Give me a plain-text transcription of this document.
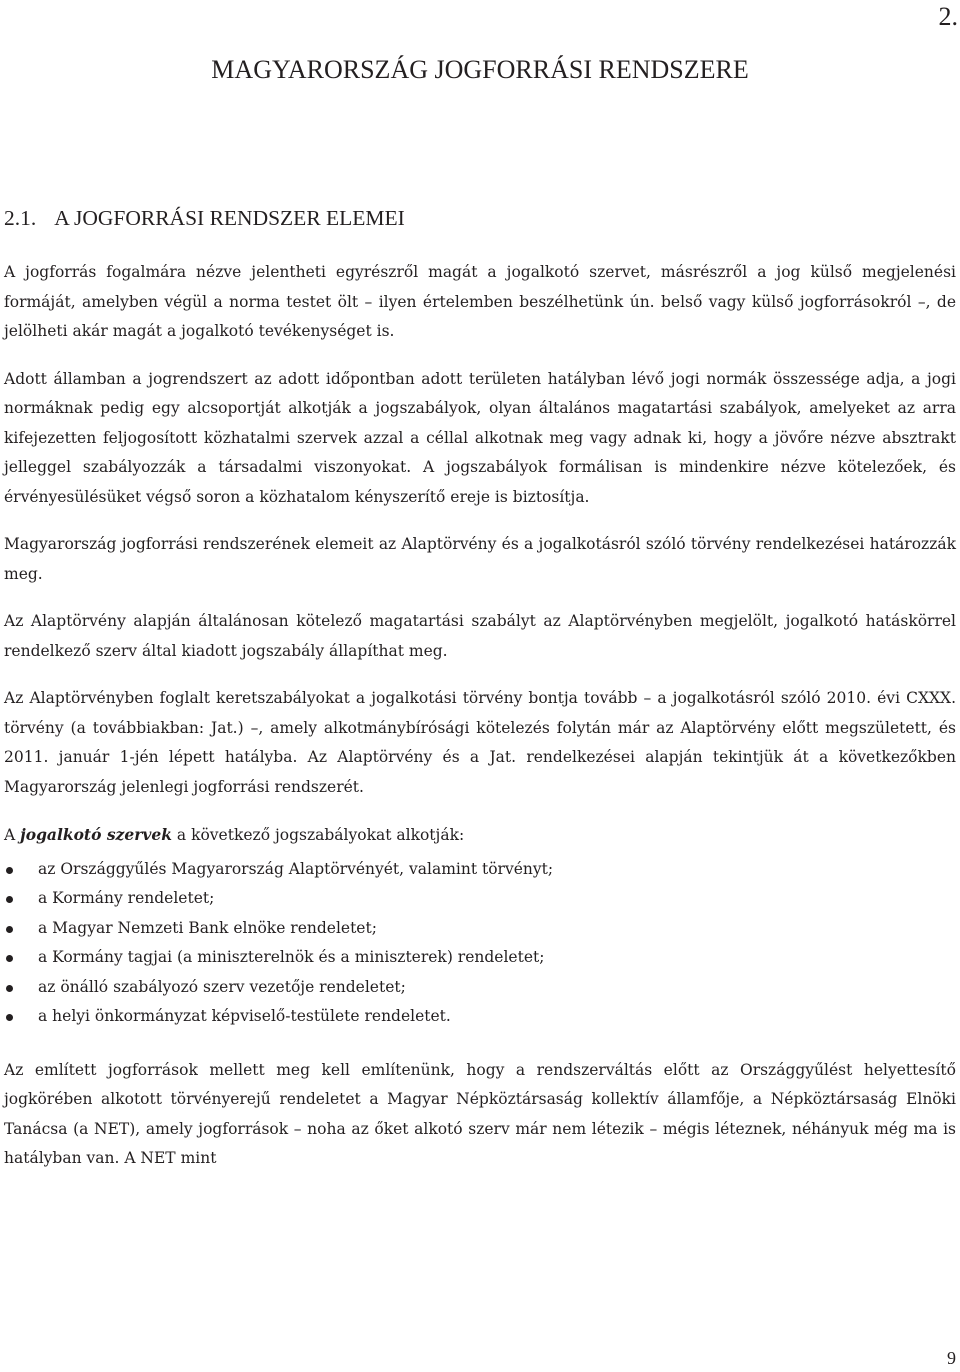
2.
MAGYARORSZÁG JOGFORRÁSI RENDSZERE
2.1. A JOGFORRÁSI RENDSZER ELEMEI

A jogforrás fogalmára nézve jelentheti egyrészről magát a jogalkotó szervet, másrészről a jog külső megjelenési formáját, amelyben végül a norma testet ölt – ilyen értelemben beszélhetünk ún. belső vagy külső jogforrásokról –, de jelölheti akár magát a jogalkotó tevékenységet is.

Adott államban a jogrendszert az adott időpontban adott területen hatályban lévő jogi normák összessége adja, a jogi normáknak pedig egy alcsoportját alkotják a jogszabályok, olyan általános magatartási szabályok, amelyeket az arra kifejezetten feljogosított közhatalmi szervek azzal a céllal alkotnak meg vagy adnak ki, hogy a jövőre nézve absztrakt jelleggel szabályozzák a társadalmi viszonyokat. A jogszabályok formálisan is mindenkire nézve kötelezőek, és érvényesülésüket végső soron a közhatalom kényszerítő ereje is biztosítja.

Magyarország jogforrási rendszerének elemeit az Alaptörvény és a jogalkotásról szóló törvény rendelkezései határozzák meg.

Az Alaptörvény alapján általánosan kötelező magatartási szabályt az Alaptörvényben megjelölt, jogalkotó hatáskörrel rendelkező szerv által kiadott jogszabály állapíthat meg.

Az Alaptörvényben foglalt keretszabályokat a jogalkotási törvény bontja tovább – a jogalkotásról szóló 2010. évi CXXX. törvény (a továbbiakban: Jat.) –, amely alkotmánybírósági kötelezés folytán már az Alaptörvény előtt megszületett, és 2011. január 1-jén lépett hatályba. Az Alaptörvény és a Jat. rendelkezései alapján tekintjük át a következőkben Magyarország jelenlegi jogforrási rendszerét.

A jogalkotó szervek a következő jogszabályokat alkotják:

az Országgyűlés Magyarország Alaptörvényét, valamint törvényt;
a Kormány rendeletet;
a Magyar Nemzeti Bank elnöke rendeletet;
a Kormány tagjai (a miniszterelnök és a miniszterek) rendeletet;
az önálló szabályozó szerv vezetője rendeletet;
a helyi önkormányzat képviselő-testülete rendeletet.

Az említett jogforrások mellett meg kell említenünk, hogy a rendszerváltás előtt az Országgyűlést helyettesítő jogkörében alkotott törvényerejű rendeletet a Magyar Népköztársaság kollektív államfője, a Népköztársaság Elnöki Tanácsa (a NET), amely jogforrások – noha az őket alkotó szerv már nem létezik – mégis léteznek, néhányuk még ma is hatályban van. A NET mint

9
